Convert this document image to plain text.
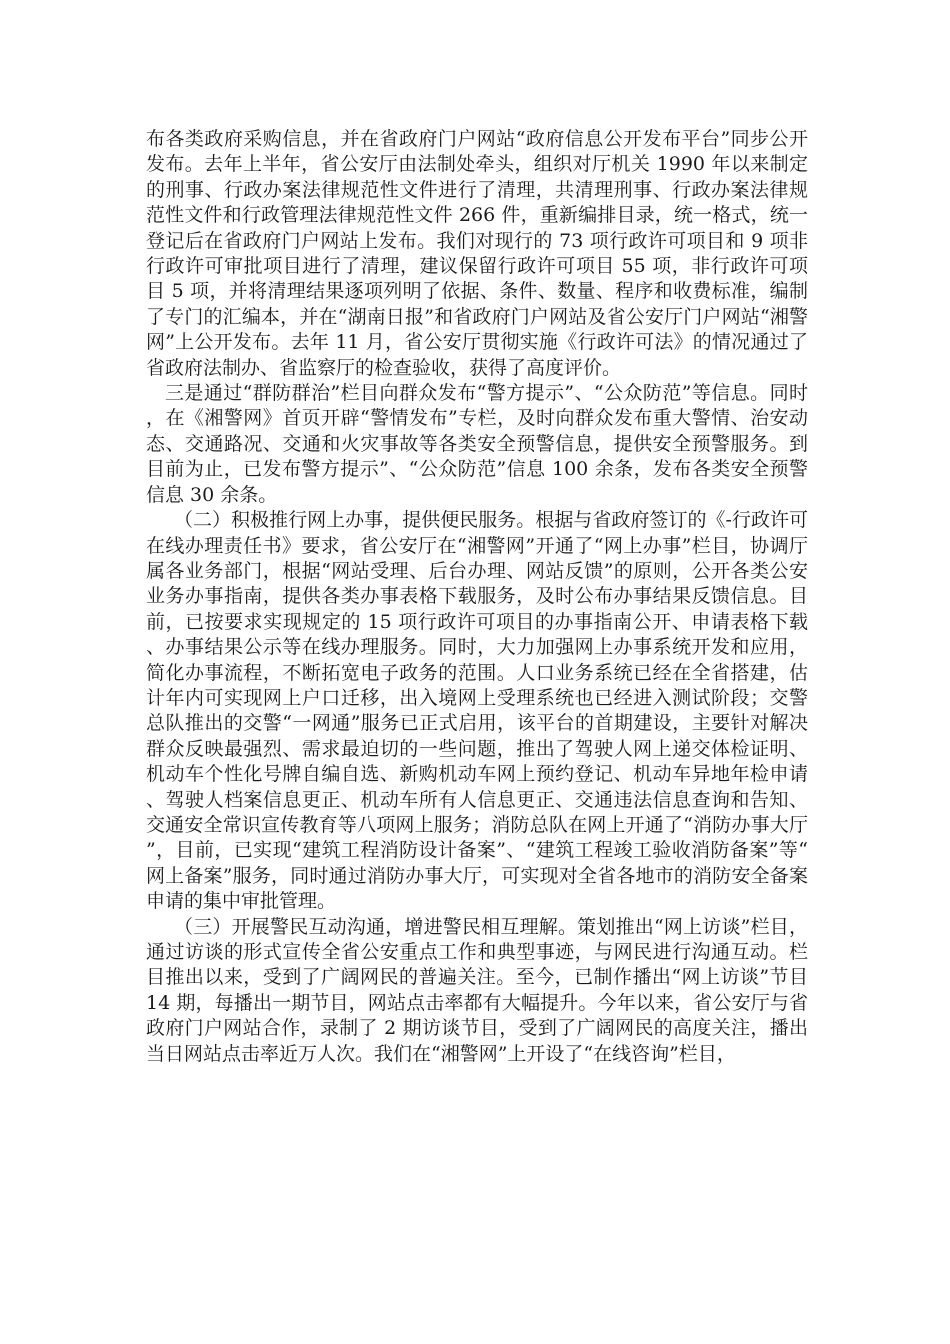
布各类政府采购信息，并在省政府门户网站“政府信息公开发布平台”同步公开发布。去年上半年，省公安厅由法制处牵头，组织对厅机关 1990 年以来制定的刑事、行政办案法律规范性文件进行了清理，共清理刑事、行政办案法律规范性文件和行政管理法律规范性文件 266 件，重新编排目录，统一格式，统一登记后在省政府门户网站上发布。我们对现行的 73 项行政许可项目和 9 项非行政许可审批项目进行了清理，建议保留行政许可项目 55 项，非行政许可项目 5 项，并将清理结果逐项列明了依据、条件、数量、程序和收费标准，编制了专门的汇编本，并在“湖南日报”和省政府门户网站及省公安厅门户网站“湘警网”上公开发布。去年 11 月，省公安厅贯彻实施《行政许可法》的情况通过了省政府法制办、省监察厅的检查验收，获得了高度评价。

三是通过“群防群治”栏目向群众发布“警方提示”、“公众防范”等信息。同时，在《湘警网》首页开辟“警情发布”专栏，及时向群众发布重大警情、治安动态、交通路况、交通和火灾事故等各类安全预警信息，提供安全预警服务。到目前为止，已发布警方提示”、“公众防范”信息 100 余条，发布各类安全预警信息 30 余条。

（二）积极推行网上办事，提供便民服务。根据与省政府签订的《-行政许可在线办理责任书》要求，省公安厅在“湘警网”开通了“网上办事”栏目，协调厅属各业务部门，根据“网站受理、后台办理、网站反馈”的原则，公开各类公安业务办事指南，提供各类办事表格下载服务，及时公布办事结果反馈信息。目前，已按要求实现规定的 15 项行政许可项目的办事指南公开、申请表格下载、办事结果公示等在线办理服务。同时，大力加强网上办事系统开发和应用，简化办事流程，不断拓宽电子政务的范围。人口业务系统已经在全省搭建，估计年内可实现网上户口迁移，出入境网上受理系统也已经进入测试阶段；交警总队推出的交警“一网通”服务已正式启用，该平台的首期建设，主要针对解决群众反映最强烈、需求最迫切的一些问题，推出了驾驶人网上递交体检证明、机动车个性化号牌自编自选、新购机动车网上预约登记、机动车异地年检申请、驾驶人档案信息更正、机动车所有人信息更正、交通违法信息查询和告知、交通安全常识宣传教育等八项网上服务；消防总队在网上开通了“消防办事大厅”，目前，已实现“建筑工程消防设计备案”、“建筑工程竣工验收消防备案”等“网上备案”服务，同时通过消防办事大厅，可实现对全省各地市的消防安全备案申请的集中审批管理。

（三）开展警民互动沟通，增进警民相互理解。策划推出“网上访谈”栏目，通过访谈的形式宣传全省公安重点工作和典型事迹，与网民进行沟通互动。栏目推出以来，受到了广阔网民的普遍关注。至今，已制作播出“网上访谈”节目 14 期，每播出一期节目，网站点击率都有大幅提升。今年以来，省公安厅与省政府门户网站合作，录制了 2 期访谈节目，受到了广阔网民的高度关注，播出当日网站点击率近万人次。我们在“湘警网”上开设了“在线咨询”栏目，
